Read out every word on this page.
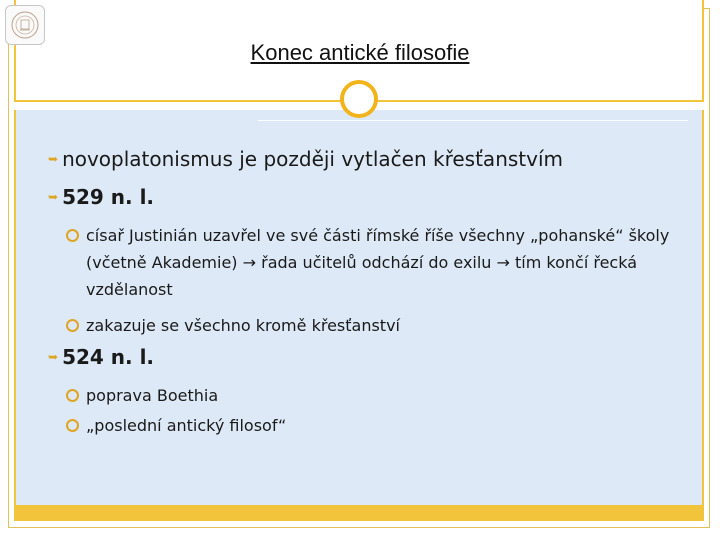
Konec antické filosofie
➥ novoplatonismus je později vytlačen křesťanstvím
➥ 529 n. l.
císař Justinián uzavřel ve své části římské říše všechny „pohanské“ školy (včetně Akademie) → řada učitelů odchází do exilu → tím končí řecká vzdělanost
zakazuje se všechno kromě křesťanství
➥ 524 n. l.
poprava Boethia
„poslední antický filosof“
